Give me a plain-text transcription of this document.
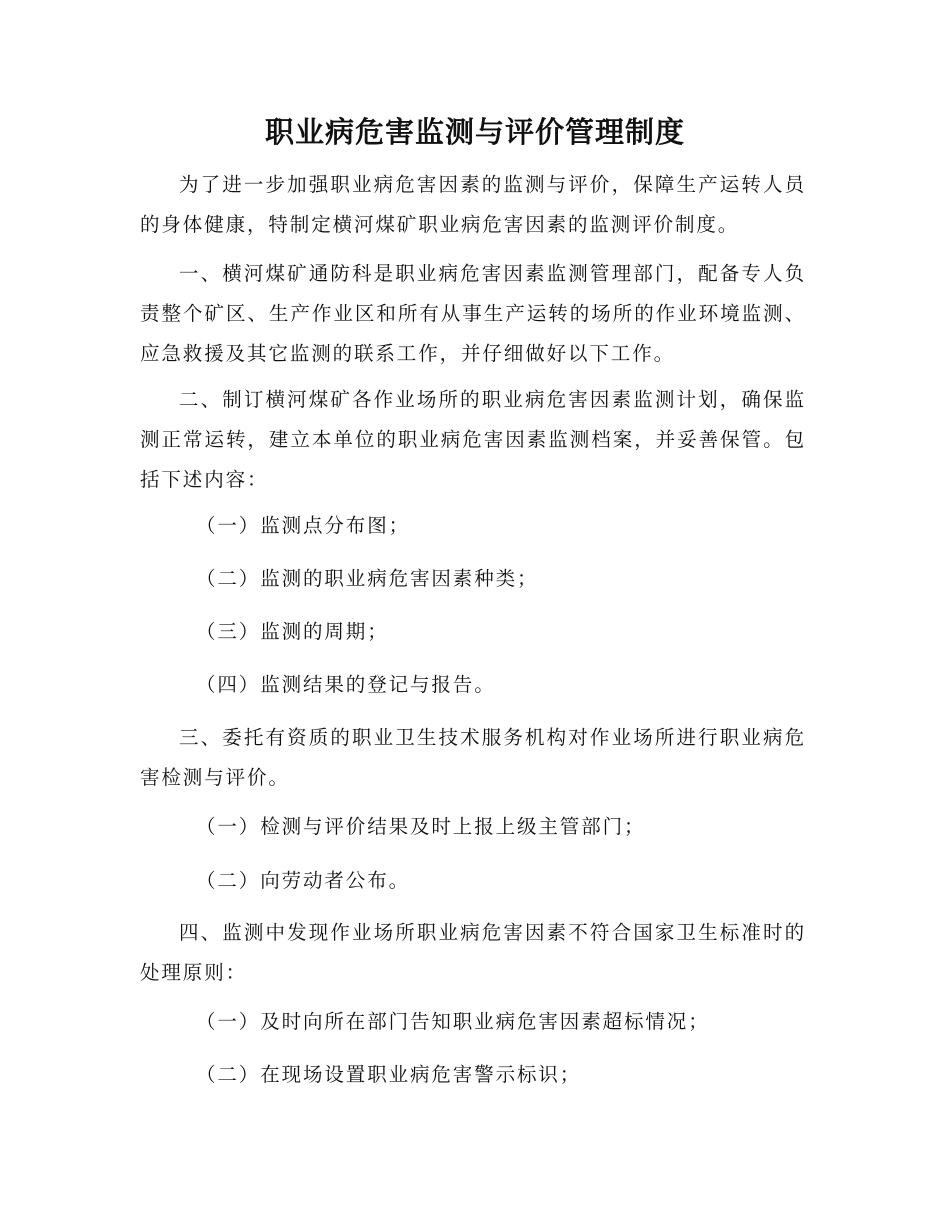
职业病危害监测与评价管理制度

为了进一步加强职业病危害因素的监测与评价，保障生产运转人员的身体健康，特制定横河煤矿职业病危害因素的监测评价制度。

一、横河煤矿通防科是职业病危害因素监测管理部门，配备专人负责整个矿区、生产作业区和所有从事生产运转的场所的作业环境监测、应急救援及其它监测的联系工作，并仔细做好以下工作。

二、制订横河煤矿各作业场所的职业病危害因素监测计划，确保监测正常运转，建立本单位的职业病危害因素监测档案，并妥善保管。包括下述内容：

（一）监测点分布图；

（二）监测的职业病危害因素种类；

（三）监测的周期；

（四）监测结果的登记与报告。

三、委托有资质的职业卫生技术服务机构对作业场所进行职业病危害检测与评价。

（一）检测与评价结果及时上报上级主管部门；

（二）向劳动者公布。

四、监测中发现作业场所职业病危害因素不符合国家卫生标准时的处理原则：

（一）及时向所在部门告知职业病危害因素超标情况；

（二）在现场设置职业病危害警示标识；
